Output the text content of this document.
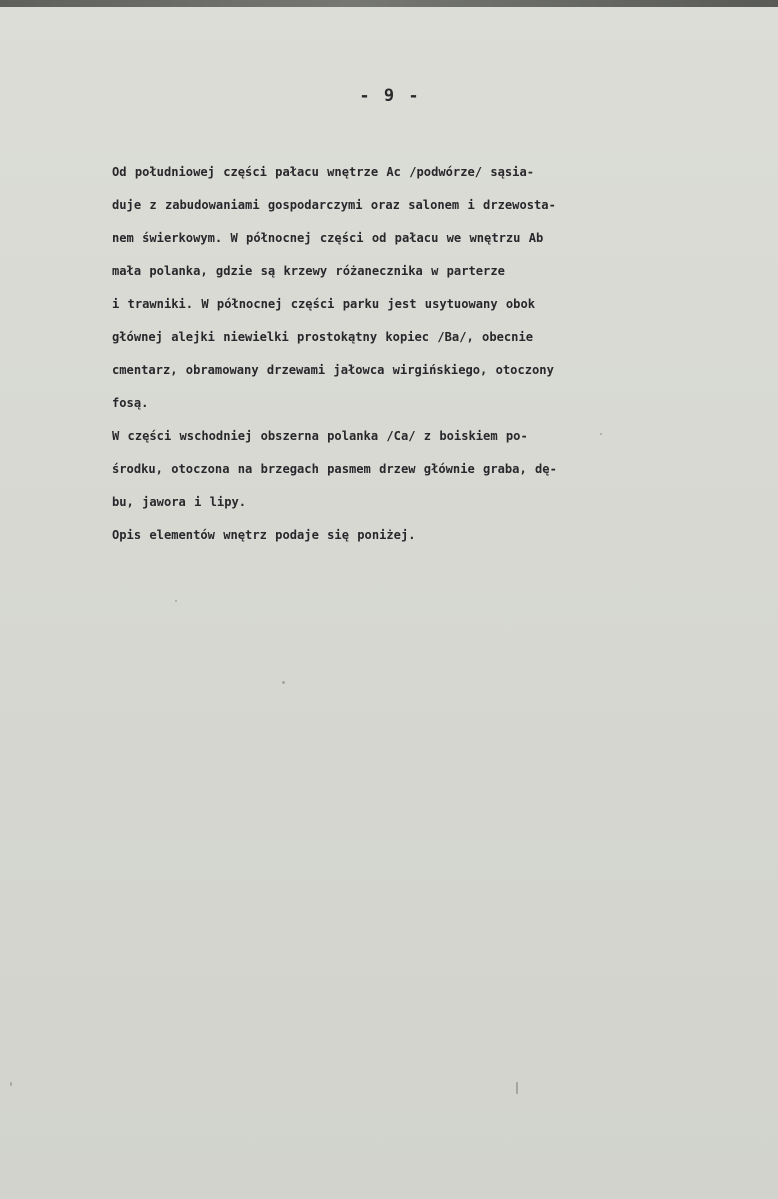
- 9 -
Od południowej części pałacu wnętrze Ac /podwórze/ sąsia-
duje z zabudowaniami gospodarczymi oraz salonem i drzewosta-
nem świerkowym. W północnej części od pałacu we wnętrzu Ab
mała polanka, gdzie są krzewy różanecznika w parterze
i trawniki. W północnej części parku jest usytuowany obok
głównej alejki niewielki prostokątny kopiec /Ba/, obecnie
cmentarz, obramowany drzewami jałowca wirgińskiego, otoczony
fosą.
W części wschodniej obszerna polanka /Ca/ z boiskiem po-
środku, otoczona na brzegach pasmem drzew głównie graba, dę-
bu, jawora i lipy.
Opis elementów wnętrz podaje się poniżej.
